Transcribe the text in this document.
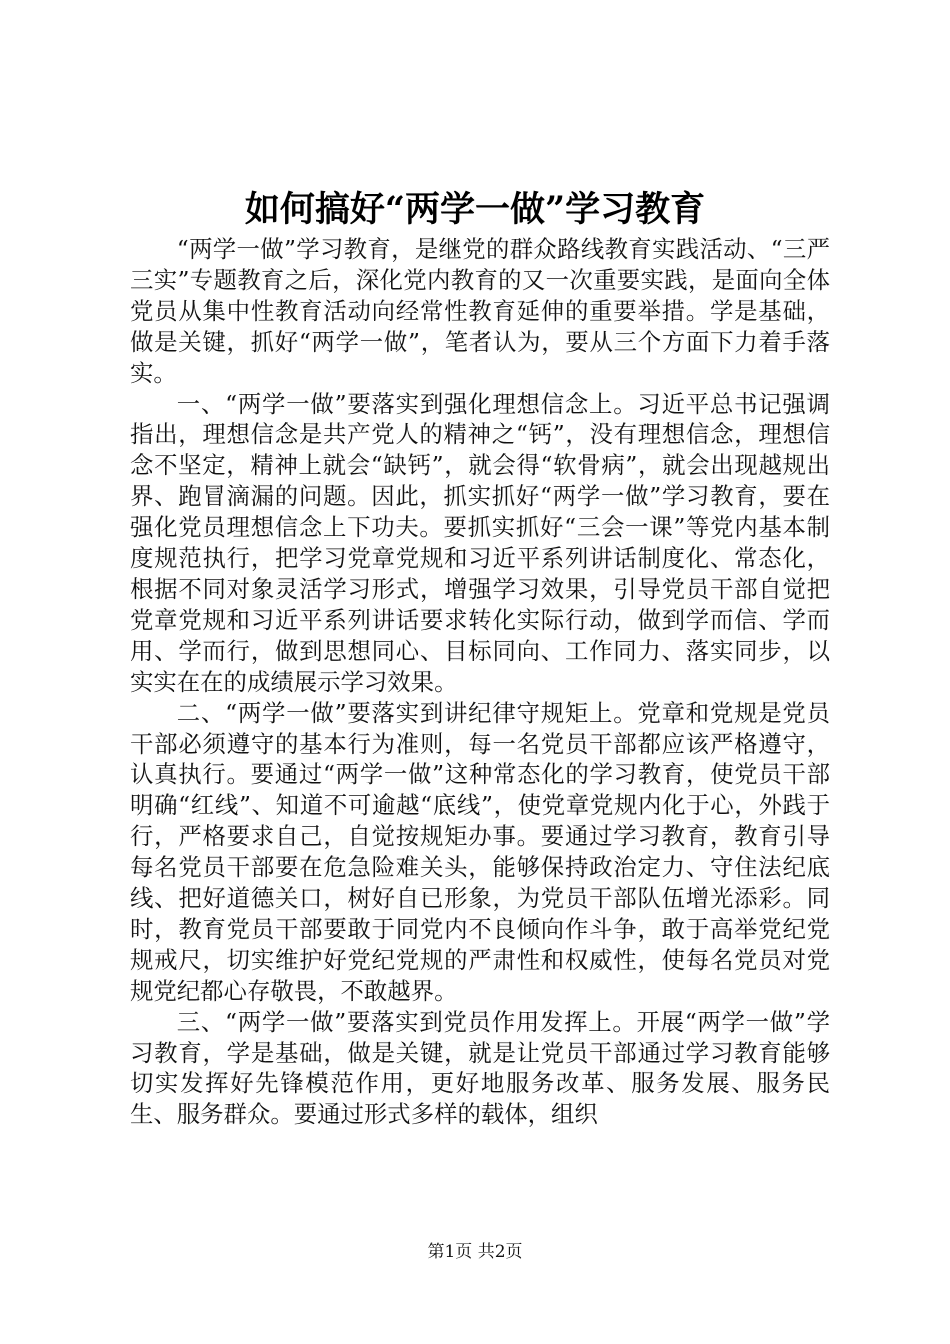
如何搞好“两学一做”学习教育

“两学一做”学习教育，是继党的群众路线教育实践活动、“三严三实”专题教育之后，深化党内教育的又一次重要实践，是面向全体党员从集中性教育活动向经常性教育延伸的重要举措。学是基础，做是关键，抓好“两学一做”，笔者认为，要从三个方面下力着手落实。

一、“两学一做”要落实到强化理想信念上。习近平总书记强调指出，理想信念是共产党人的精神之“钙”，没有理想信念，理想信念不坚定，精神上就会“缺钙”，就会得“软骨病”，就会出现越规出界、跑冒滴漏的问题。因此，抓实抓好“两学一做”学习教育，要在强化党员理想信念上下功夫。要抓实抓好“三会一课”等党内基本制度规范执行，把学习党章党规和习近平系列讲话制度化、常态化，根据不同对象灵活学习形式，增强学习效果，引导党员干部自觉把党章党规和习近平系列讲话要求转化实际行动，做到学而信、学而用、学而行，做到思想同心、目标同向、工作同力、落实同步，以实实在在的成绩展示学习效果。

二、“两学一做”要落实到讲纪律守规矩上。党章和党规是党员干部必须遵守的基本行为准则，每一名党员干部都应该严格遵守，认真执行。要通过“两学一做”这种常态化的学习教育，使党员干部明确“红线”、知道不可逾越“底线”，使党章党规内化于心，外践于行，严格要求自己，自觉按规矩办事。要通过学习教育，教育引导每名党员干部要在危急险难关头，能够保持政治定力、守住法纪底线、把好道德关口，树好自已形象，为党员干部队伍增光添彩。同时，教育党员干部要敢于同党内不良倾向作斗争，敢于高举党纪党规戒尺，切实维护好党纪党规的严肃性和权威性，使每名党员对党规党纪都心存敬畏，不敢越界。

三、“两学一做”要落实到党员作用发挥上。开展“两学一做”学习教育，学是基础，做是关键，就是让党员干部通过学习教育能够切实发挥好先锋模范作用，更好地服务改革、服务发展、服务民生、服务群众。要通过形式多样的载体，组织

第1页 共2页
